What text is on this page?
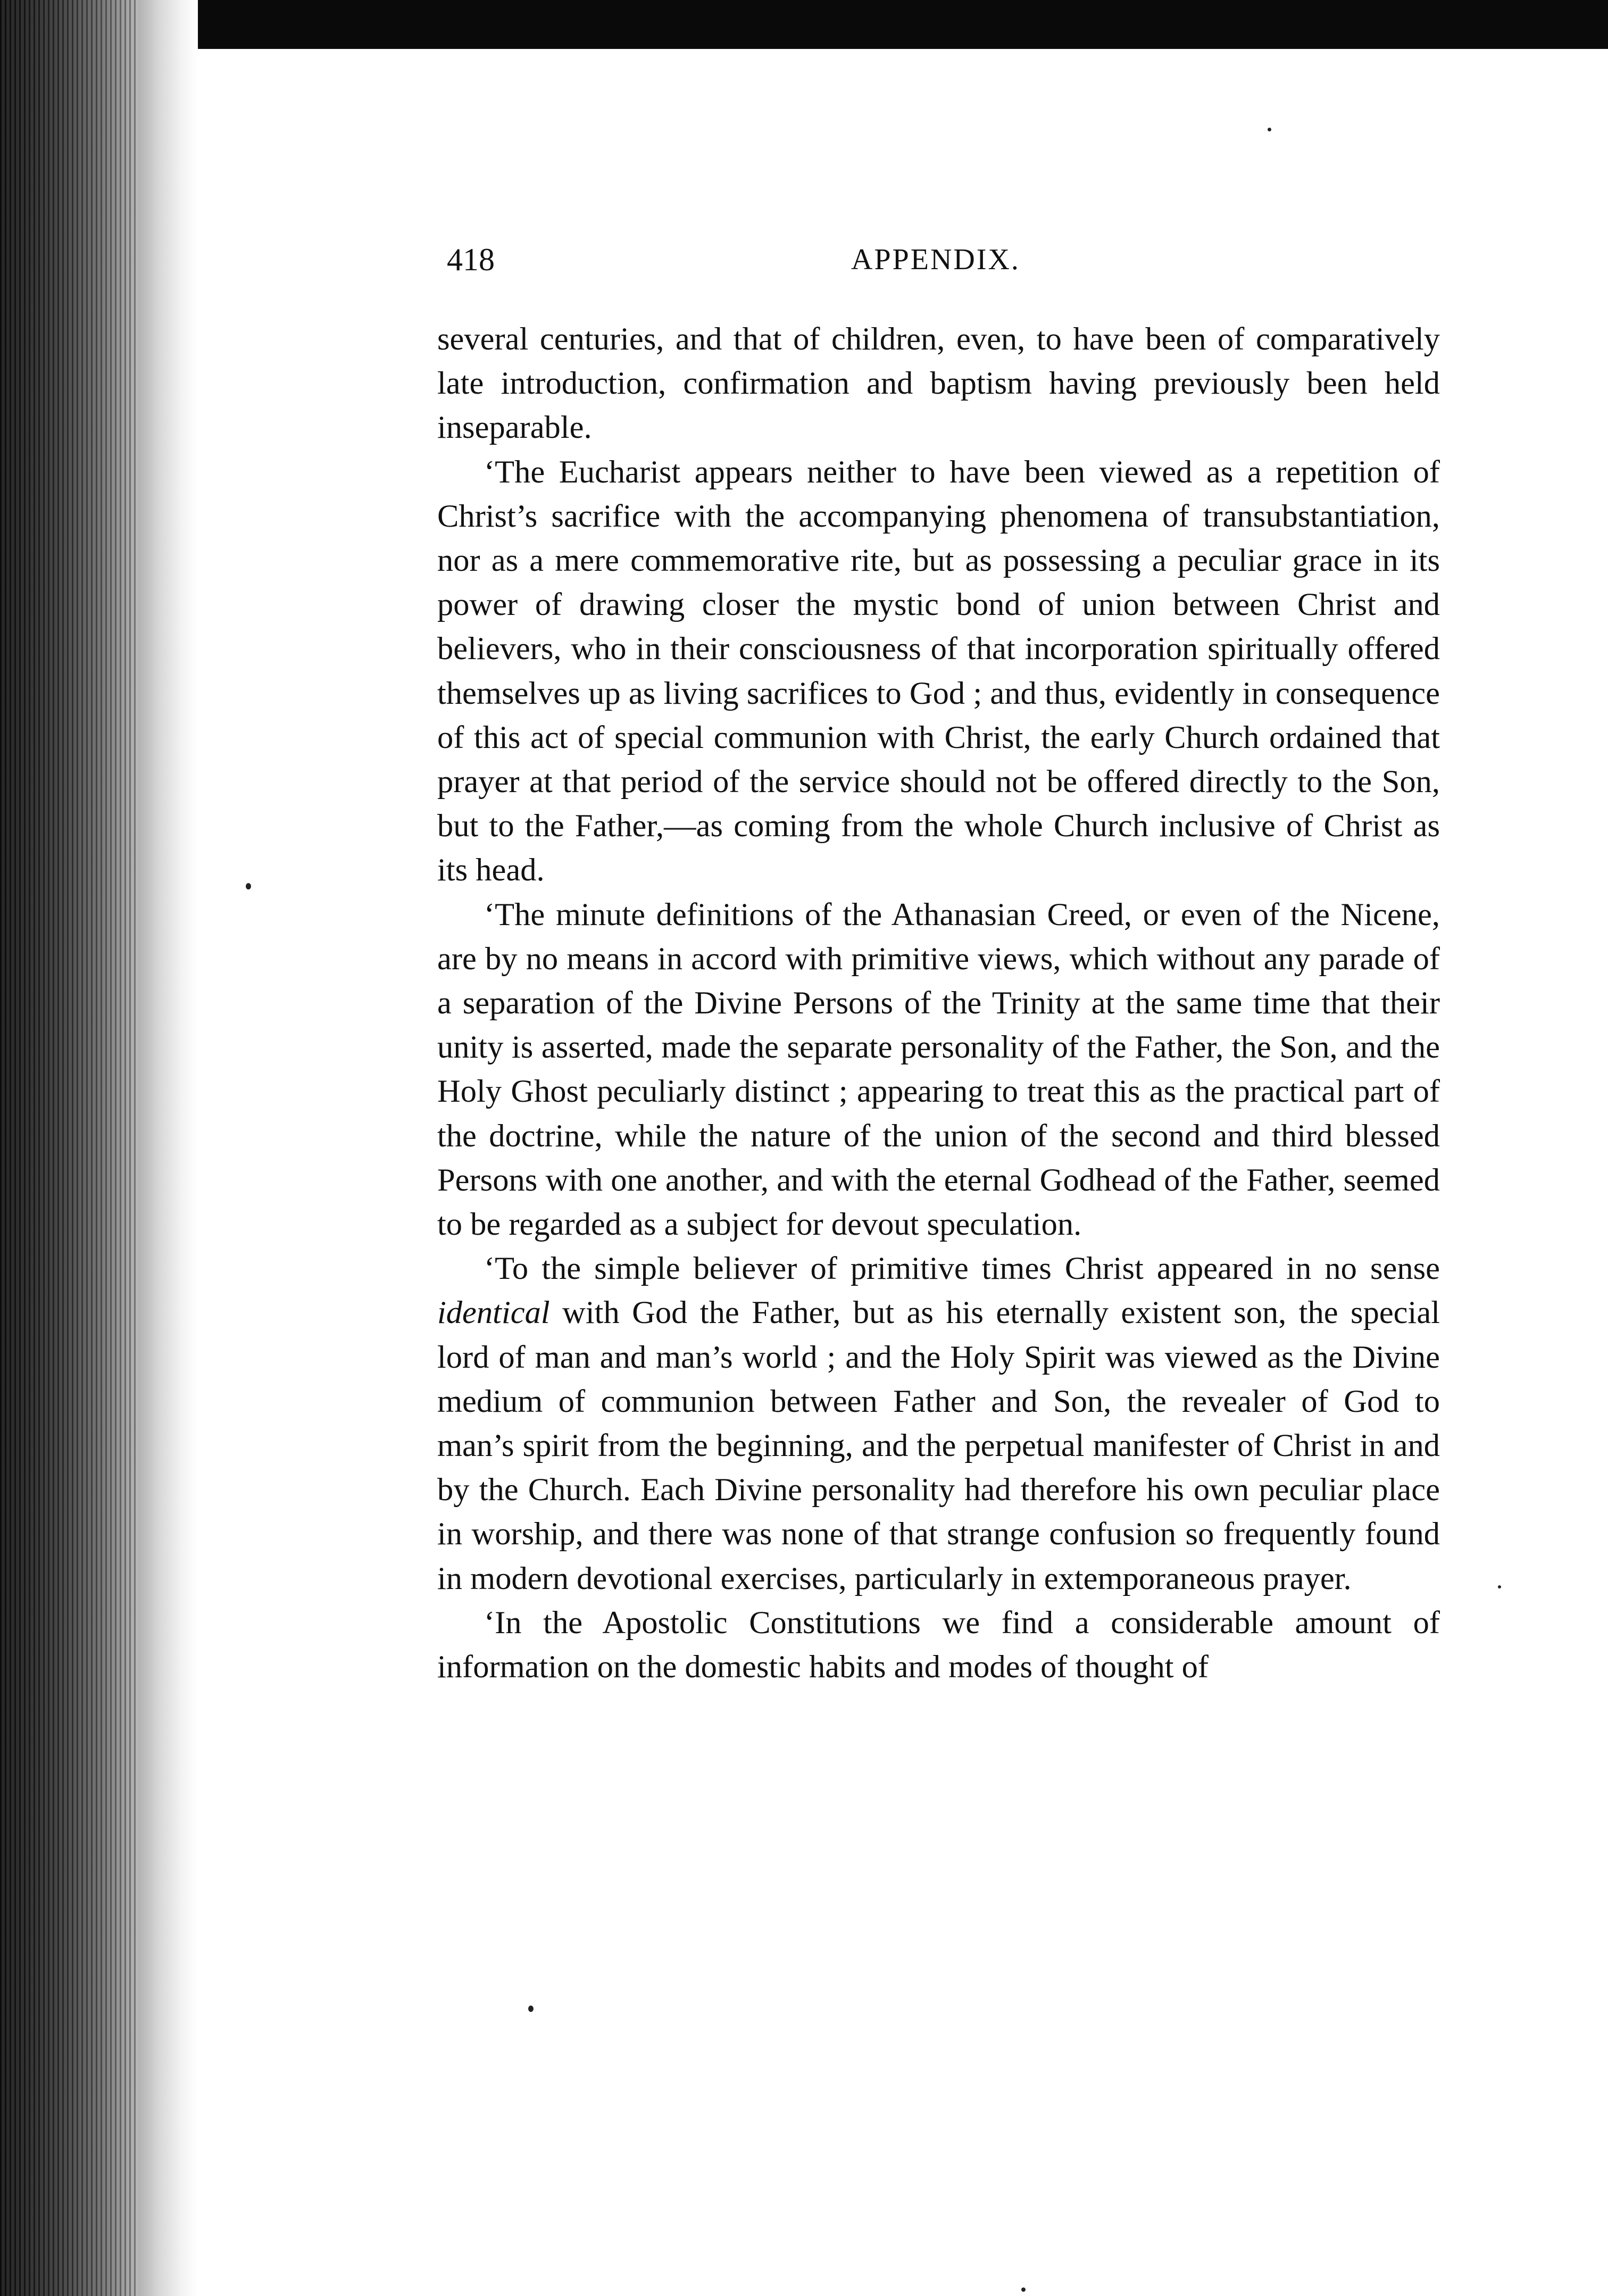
418	APPENDIX.

several centuries, and that of children, even, to have been of comparatively late introduction, confirmation and baptism having previously been held inseparable.

‘The Eucharist appears neither to have been viewed as a repetition of Christ’s sacrifice with the accompanying phenomena of transubstantiation, nor as a mere commemorative rite, but as possessing a peculiar grace in its power of drawing closer the mystic bond of union between Christ and believers, who in their consciousness of that incorporation spiritually offered themselves up as living sacrifices to God ; and thus, evidently in consequence of this act of special communion with Christ, the early Church ordained that prayer at that period of the service should not be offered directly to the Son, but to the Father,—as coming from the whole Church inclusive of Christ as its head.

‘The minute definitions of the Athanasian Creed, or even of the Nicene, are by no means in accord with primitive views, which without any parade of a separation of the Divine Persons of the Trinity at the same time that their unity is asserted, made the separate personality of the Father, the Son, and the Holy Ghost peculiarly distinct ; appearing to treat this as the practical part of the doctrine, while the nature of the union of the second and third blessed Persons with one another, and with the eternal Godhead of the Father, seemed to be regarded as a subject for devout speculation.

‘To the simple believer of primitive times Christ appeared in no sense identical with God the Father, but as his eternally existent son, the special lord of man and man’s world ; and the Holy Spirit was viewed as the Divine medium of communion between Father and Son, the revealer of God to man’s spirit from the beginning, and the perpetual manifester of Christ in and by the Church. Each Divine personality had therefore his own peculiar place in worship, and there was none of that strange confusion so frequently found in modern devotional exercises, particularly in extemporaneous prayer.

‘In the Apostolic Constitutions we find a considerable amount of information on the domestic habits and modes of thought of
